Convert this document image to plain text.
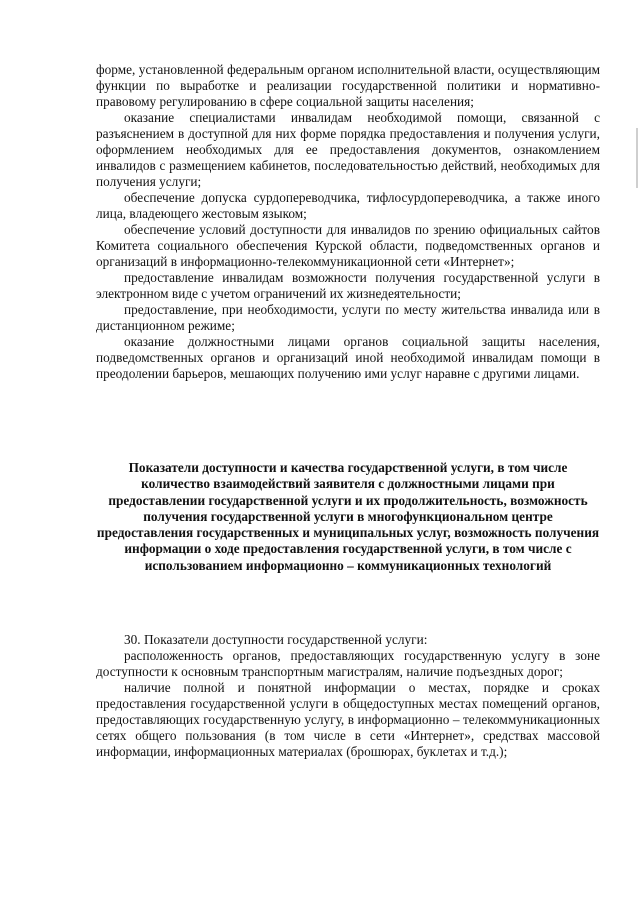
форме, установленной федеральным органом исполнительной власти, осуществляющим функции по выработке и реализации государственной политики и нормативно-правовому регулированию в сфере социальной защиты населения;

оказание специалистами инвалидам необходимой помощи, связанной с разъяснением в доступной для них форме порядка предоставления и получения услуги, оформлением необходимых для ее предоставления документов, ознакомлением инвалидов с размещением кабинетов, последовательностью действий, необходимых для получения услуги;

обеспечение допуска сурдопереводчика, тифлосурдопереводчика, а также иного лица, владеющего жестовым языком;

обеспечение условий доступности для инвалидов по зрению официальных сайтов Комитета социального обеспечения Курской области, подведомственных органов и организаций в информационно-телекоммуникационной сети «Интернет»;

предоставление инвалидам возможности получения государственной услуги в электронном виде с учетом ограничений их жизнедеятельности;

предоставление, при необходимости, услуги по месту жительства инвалида или в дистанционном режиме;

оказание должностными лицами органов социальной защиты населения, подведомственных органов и организаций иной необходимой инвалидам помощи в преодолении барьеров, мешающих получению ими услуг наравне с другими лицами.

Показатели доступности и качества государственной услуги, в том числе количество взаимодействий заявителя с должностными лицами при предоставлении государственной услуги и их продолжительность, возможность получения государственной услуги в многофункциональном центре предоставления государственных и муниципальных услуг, возможность получения информации о ходе предоставления государственной услуги, в том числе с использованием информационно – коммуникационных технологий

30. Показатели доступности государственной услуги:

расположенность органов, предоставляющих государственную услугу в зоне доступности к основным транспортным магистралям, наличие подъездных дорог;

наличие полной и понятной информации о местах, порядке и сроках предоставления государственной услуги в общедоступных местах помещений органов, предоставляющих государственную услугу, в информационно – телекоммуникационных сетях общего пользования (в том числе в сети «Интернет», средствах массовой информации, информационных материалах (брошюрах, буклетах и т.д.);
